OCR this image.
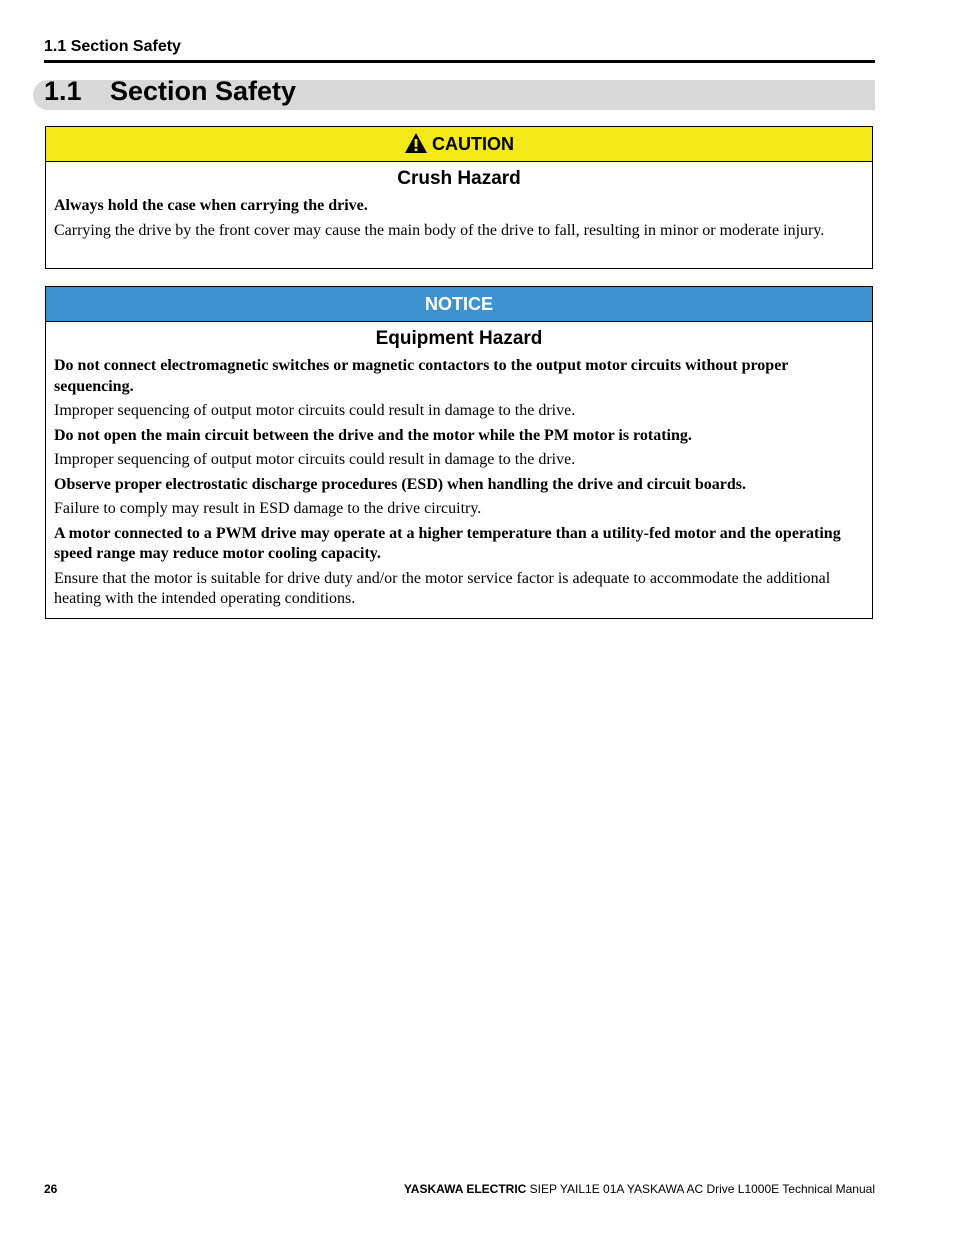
1.1 Section Safety
1.1 Section Safety
CAUTION
Crush Hazard
Always hold the case when carrying the drive.
Carrying the drive by the front cover may cause the main body of the drive to fall, resulting in minor or moderate injury.
NOTICE
Equipment Hazard
Do not connect electromagnetic switches or magnetic contactors to the output motor circuits without proper sequencing.
Improper sequencing of output motor circuits could result in damage to the drive.
Do not open the main circuit between the drive and the motor while the PM motor is rotating.
Improper sequencing of output motor circuits could result in damage to the drive.
Observe proper electrostatic discharge procedures (ESD) when handling the drive and circuit boards.
Failure to comply may result in ESD damage to the drive circuitry.
A motor connected to a PWM drive may operate at a higher temperature than a utility-fed motor and the operating speed range may reduce motor cooling capacity.
Ensure that the motor is suitable for drive duty and/or the motor service factor is adequate to accommodate the additional heating with the intended operating conditions.
26	YASKAWA ELECTRIC SIEP YAIL1E 01A YASKAWA AC Drive L1000E Technical Manual
